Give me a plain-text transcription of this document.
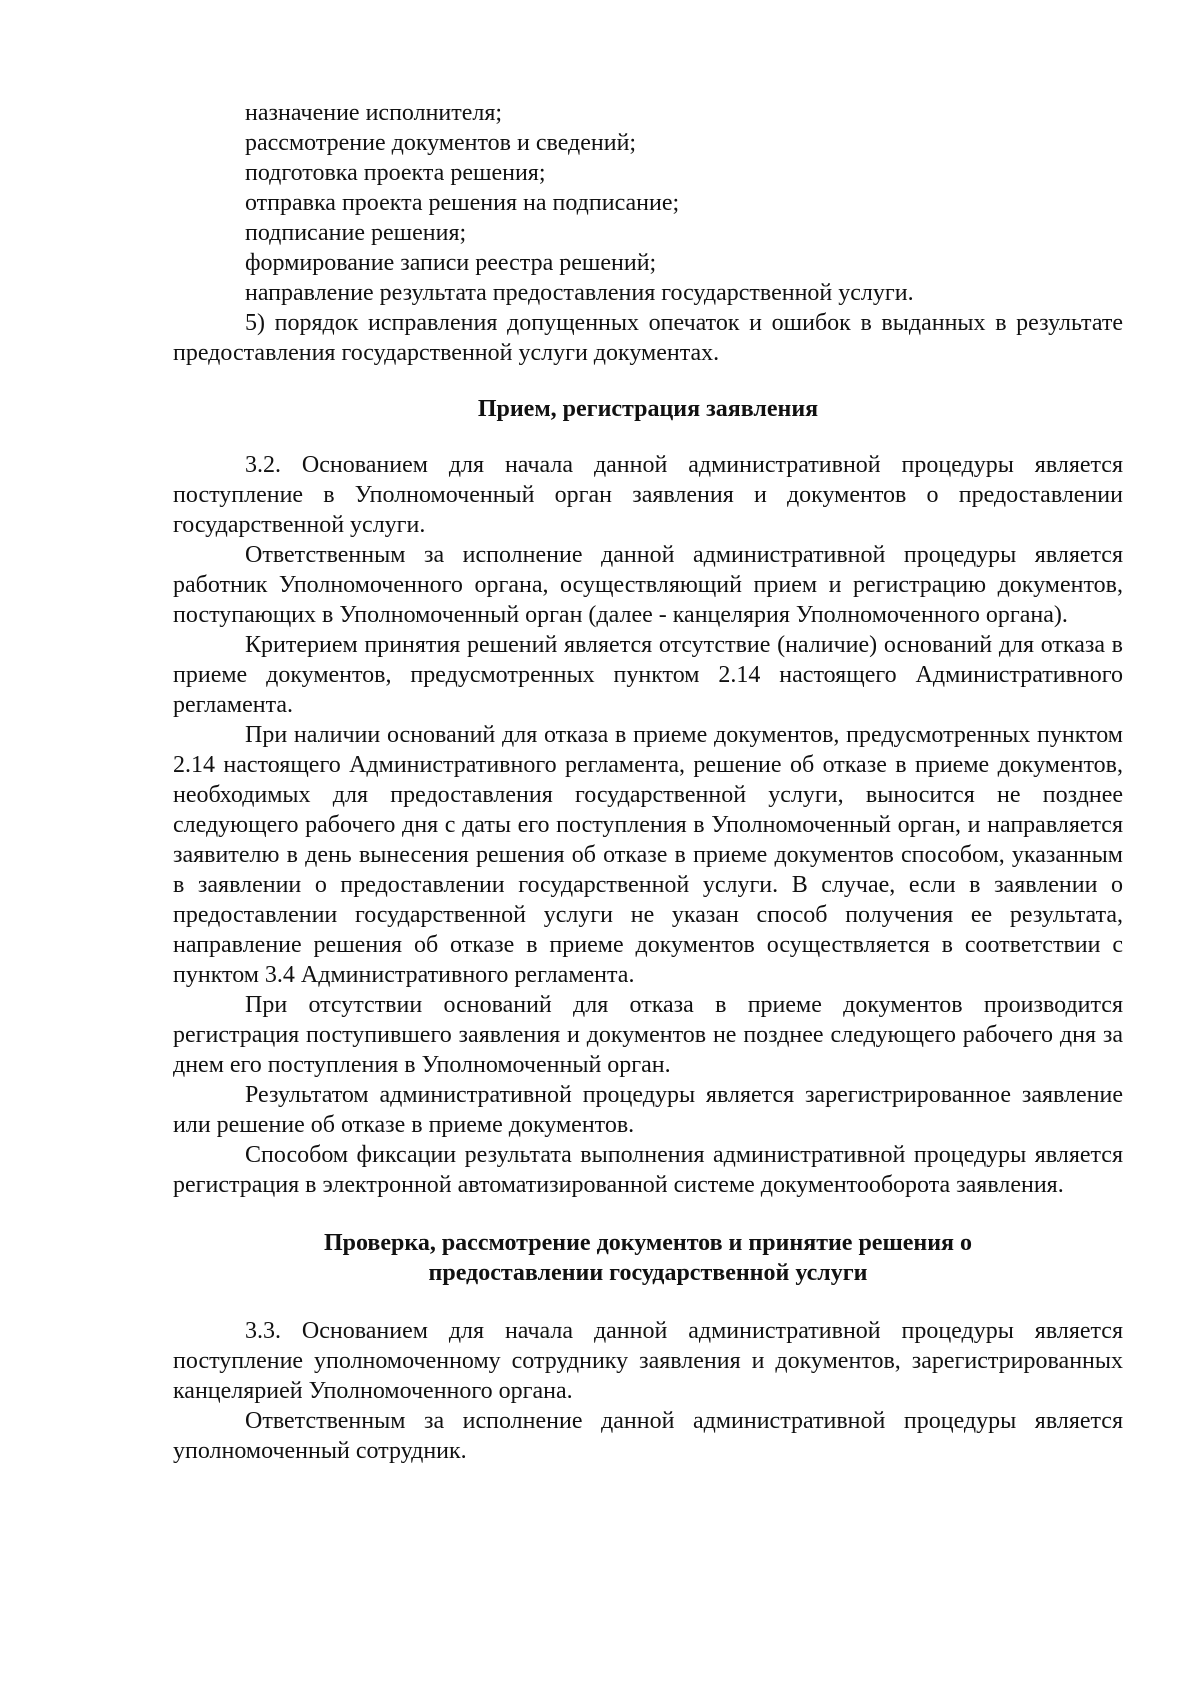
назначение исполнителя;

рассмотрение документов и сведений;

подготовка проекта решения;

отправка проекта решения на подписание;

подписание решения;

формирование записи реестра решений;

направление результата предоставления государственной услуги.

5) порядок исправления допущенных опечаток и ошибок в выданных в результате предоставления государственной услуги документах.

Прием, регистрация заявления

3.2. Основанием для начала данной административной процедуры является поступление в Уполномоченный орган заявления и документов о предоставлении государственной услуги.

Ответственным за исполнение данной административной процедуры является работник Уполномоченного органа, осуществляющий прием и регистрацию документов, поступающих в Уполномоченный орган (далее - канцелярия Уполномоченного органа).

Критерием принятия решений является отсутствие (наличие) оснований для отказа в приеме документов, предусмотренных пунктом 2.14 настоящего Административного регламента.

При наличии оснований для отказа в приеме документов, предусмотренных пунктом 2.14 настоящего Административного регламента, решение об отказе в приеме документов, необходимых для предоставления государственной услуги, выносится не позднее следующего рабочего дня с даты его поступления в Уполномоченный орган, и направляется заявителю в день вынесения решения об отказе в приеме документов способом, указанным в заявлении о предоставлении государственной услуги. В случае, если в заявлении о предоставлении государственной услуги не указан способ получения ее результата, направление решения об отказе в приеме документов осуществляется в соответствии с пунктом 3.4 Административного регламента.

При отсутствии оснований для отказа в приеме документов производится регистрация поступившего заявления и документов не позднее следующего рабочего дня за днем его поступления в Уполномоченный орган.

Результатом административной процедуры является зарегистрированное заявление или решение об отказе в приеме документов.

Способом фиксации результата выполнения административной процедуры является регистрация в электронной автоматизированной системе документооборота заявления.

Проверка, рассмотрение документов и принятие решения о

предоставлении государственной услуги

3.3. Основанием для начала данной административной процедуры является поступление уполномоченному сотруднику заявления и документов, зарегистрированных канцелярией Уполномоченного органа.

Ответственным за исполнение данной административной процедуры является уполномоченный сотрудник.
